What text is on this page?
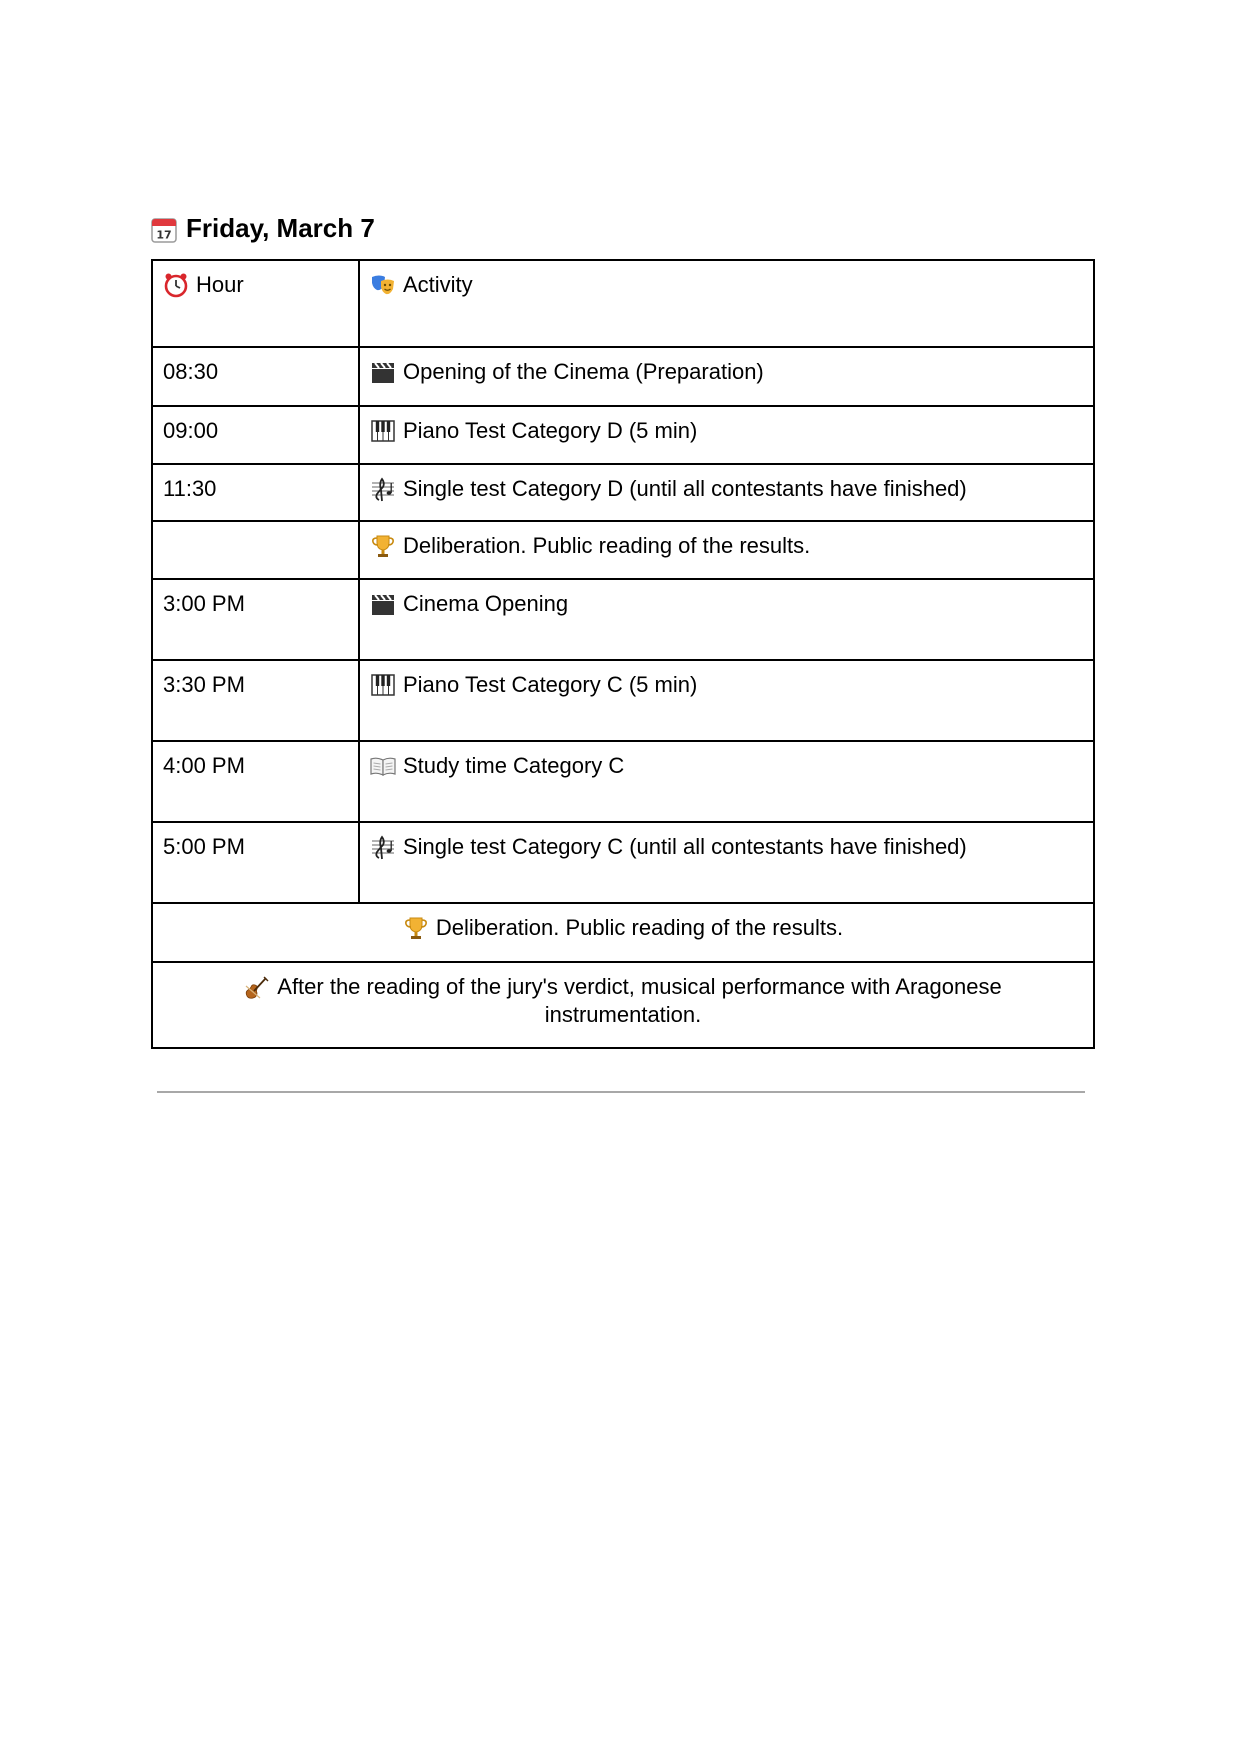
17 Friday, March 7
Hour	Activity

08:30	Opening of the Cinema (Preparation)

09:00	Piano Test Category D (5 min)

11:30	Single test Category D (until all contestants have finished)

	Deliberation. Public reading of the results.

3:00 PM	Cinema Opening

3:30 PM	Piano Test Category C (5 min)

4:00 PM	Study time Category C

5:00 PM	Single test Category C (until all contestants have finished)

Deliberation. Public reading of the results.	

After the reading of the jury's verdict, musical performance with Aragonese instrumentation.	
